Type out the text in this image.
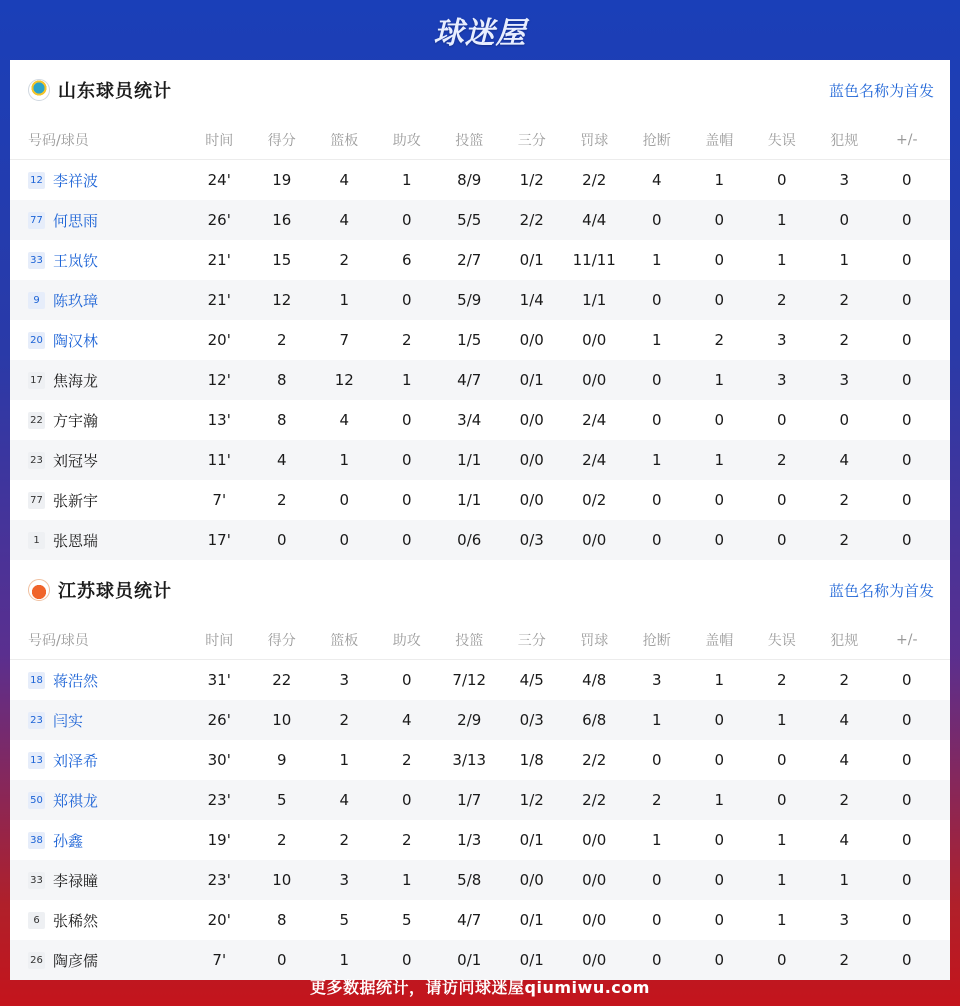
球迷屋
山东球员统计	蓝色名称为首发
号码/球员	时间	得分	篮板	助攻	投篮	三分	罚球	抢断	盖帽	失误	犯规	+/-
12 李祥波	24'	19	4	1	8/9	1/2	2/2	4	1	0	3	0
77 何思雨	26'	16	4	0	5/5	2/2	4/4	0	0	1	0	0
33 王岚钦	21'	15	2	6	2/7	0/1	11/11	1	0	1	1	0
9 陈玖璋	21'	12	1	0	5/9	1/4	1/1	0	0	2	2	0
20 陶汉林	20'	2	7	2	1/5	0/0	0/0	1	2	3	2	0
17 焦海龙	12'	8	12	1	4/7	0/1	0/0	0	1	3	3	0
22 方宇瀚	13'	8	4	0	3/4	0/0	2/4	0	0	0	0	0
23 刘冠岑	11'	4	1	0	1/1	0/0	2/4	1	1	2	4	0
77 张新宇	7'	2	0	0	1/1	0/0	0/2	0	0	0	2	0
1 张恩瑞	17'	0	0	0	0/6	0/3	0/0	0	0	0	2	0
江苏球员统计	蓝色名称为首发
号码/球员	时间	得分	篮板	助攻	投篮	三分	罚球	抢断	盖帽	失误	犯规	+/-
18 蒋浩然	31'	22	3	0	7/12	4/5	4/8	3	1	2	2	0
23 闫实	26'	10	2	4	2/9	0/3	6/8	1	0	1	4	0
13 刘泽希	30'	9	1	2	3/13	1/8	2/2	0	0	0	4	0
50 郑祺龙	23'	5	4	0	1/7	1/2	2/2	2	1	0	2	0
38 孙鑫	19'	2	2	2	1/3	0/1	0/0	1	0	1	4	0
33 李禄瞳	23'	10	3	1	5/8	0/0	0/0	0	0	1	1	0
6 张稀然	20'	8	5	5	4/7	0/1	0/0	0	0	1	3	0
26 陶彦儒	7'	0	1	0	0/1	0/1	0/0	0	0	0	2	0
更多数据统计，请访问球迷屋qiumiwu.com
